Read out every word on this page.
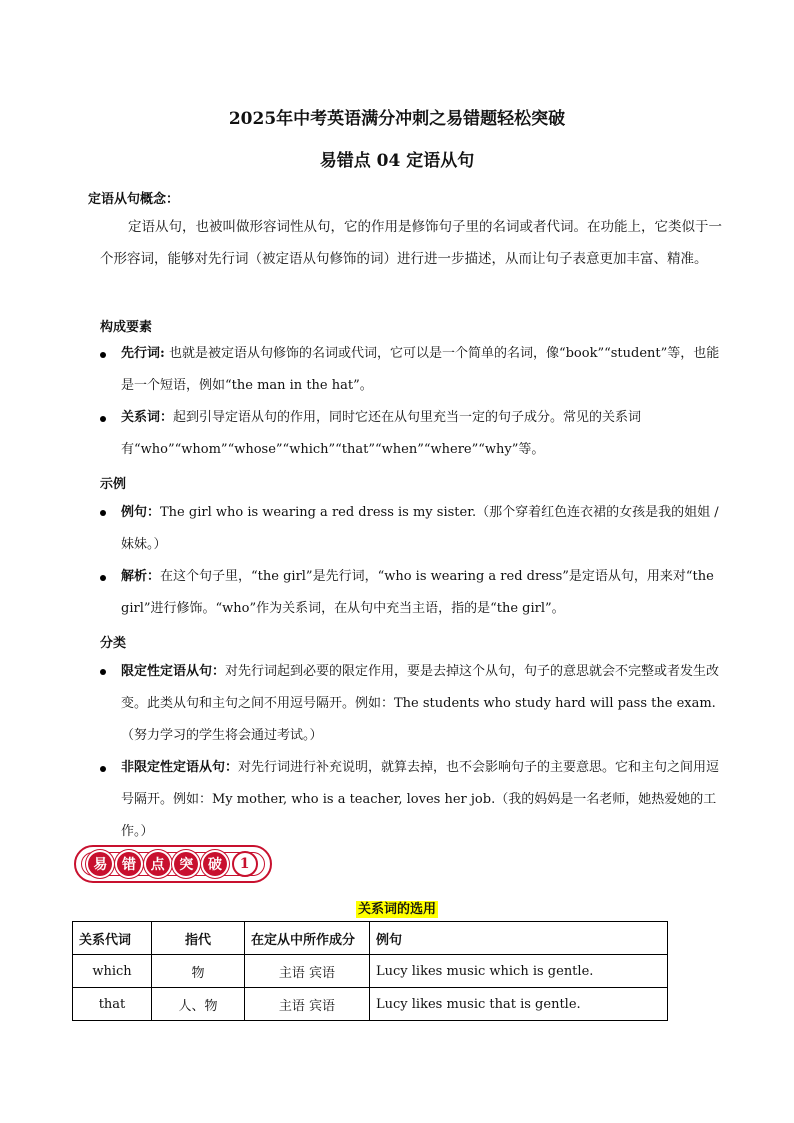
2025年中考英语满分冲刺之易错题轻松突破
易错点 04 定语从句
定语从句概念：
定语从句，也被叫做形容词性从句，它的作用是修饰句子里的名词或者代词。在功能上，它类似于一个形容词，能够对先行词（被定语从句修饰的词）进行进一步描述，从而让句子表意更加丰富、精准。
构成要素
先行词: 也就是被定语从句修饰的名词或代词，它可以是一个简单的名词，像“book”“student”等，也能是一个短语，例如“the man in the hat”。
关系词：起到引导定语从句的作用，同时它还在从句里充当一定的句子成分。常见的关系词有“who”“whom”“whose”“which”“that”“when”“where”“why”等。
示例
例句：The girl who is wearing a red dress is my sister.（那个穿着红色连衣裙的女孩是我的姐姐 / 妹妹。）
解析：在这个句子里，“the girl”是先行词，“who is wearing a red dress”是定语从句，用来对“the girl”进行修饰。“who”作为关系词，在从句中充当主语，指的是“the girl”。
分类
限定性定语从句：对先行词起到必要的限定作用，要是去掉这个从句，句子的意思就会不完整或者发生改变。此类从句和主句之间不用逗号隔开。例如：The students who study hard will pass the exam.（努力学习的学生将会通过考试。）
非限定性定语从句：对先行词进行补充说明，就算去掉，也不会影响句子的主要意思。它和主句之间用逗号隔开。例如：My mother, who is a teacher, loves her job.（我的妈妈是一名老师，她热爱她的工作。）
易	错	点	突	破	1
关系词的选用
关系代词	指代	在定从中所作成分	例句
which	物	主语 宾语	Lucy likes music which is gentle.
that	人、物	主语 宾语	Lucy likes music that is gentle.
